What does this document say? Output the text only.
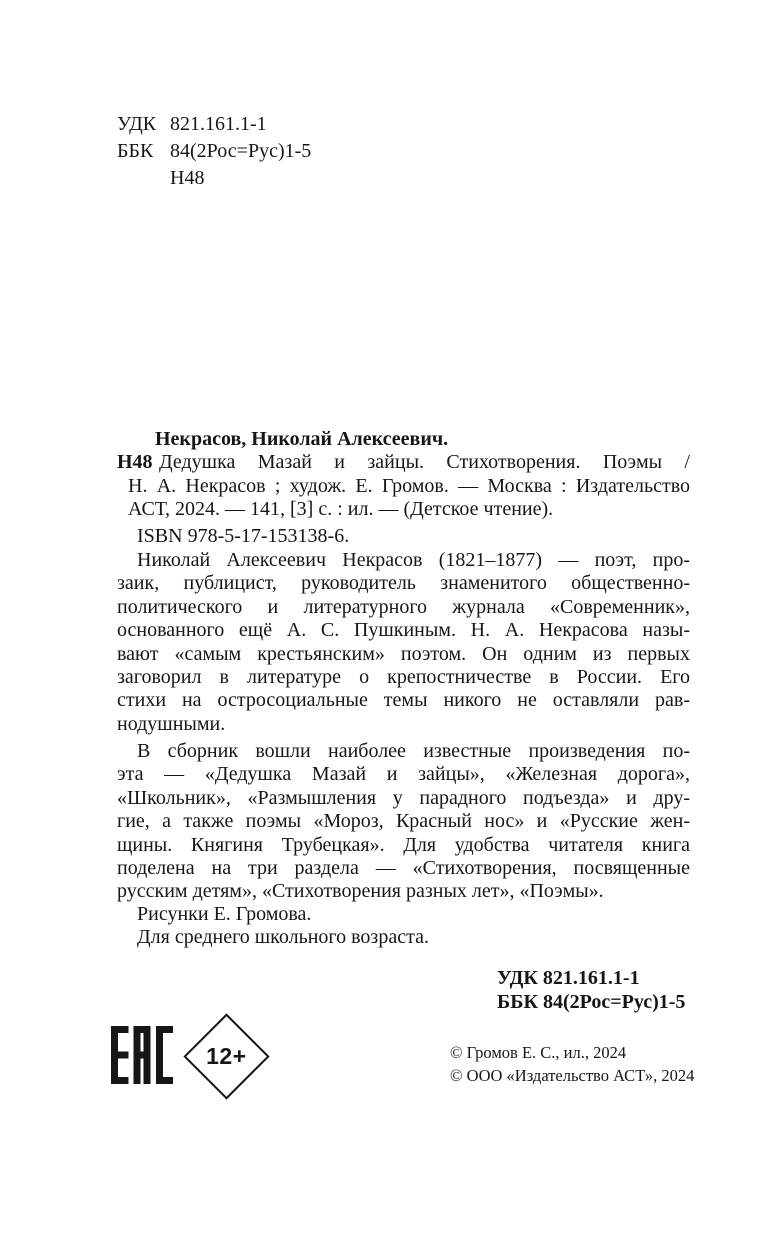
УДК 821.161.1-1
ББК 84(2Рос=Рус)1-5
Н48
Некрасов, Николай Алексеевич.
Н48 Дедушка Мазай и зайцы. Стихотворения. Поэмы /
Н. А. Некрасов ; худож. Е. Громов. — Москва : Издательство
АСТ, 2024. — 141, [3] с. : ил. — (Детское чтение).
ISBN 978-5-17-153138-6.
Николай Алексеевич Некрасов (1821–1877) — поэт, про-
заик, публицист, руководитель знаменитого общественно-
политического и литературного журнала «Современник»,
основанного ещё А. С. Пушкиным. Н. А. Некрасова назы-
вают «самым крестьянским» поэтом. Он одним из первых
заговорил в литературе о крепостничестве в России. Его
стихи на остросоциальные темы никого не оставляли рав-
нодушными.
В сборник вошли наиболее известные произведения по-
эта — «Дедушка Мазай и зайцы», «Железная дорога»,
«Школьник», «Размышления у парадного подъезда» и дру-
гие, а также поэмы «Мороз, Красный нос» и «Русские жен-
щины. Княгиня Трубецкая». Для удобства читателя книга
поделена на три раздела — «Стихотворения, посвященные
русским детям», «Стихотворения разных лет», «Поэмы».
Рисунки Е. Громова.
Для среднего школьного возраста.
УДК 821.161.1-1
ББК 84(2Рос=Рус)1-5
12+	© Громов Е. С., ил., 2024
© ООО «Издательство АСТ», 2024
